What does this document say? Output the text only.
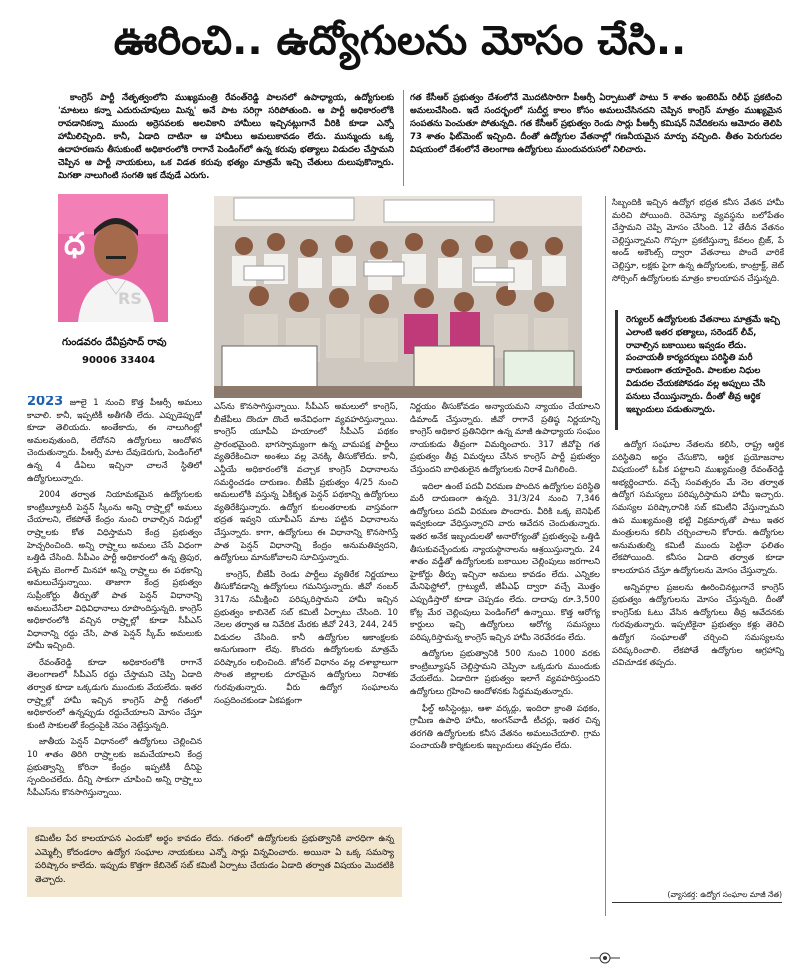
ఊరించి.. ఉద్యోగులను మోసం చేసి..

కాంగ్రెస్ పార్టీ నేతృత్వంలోని ముఖ్యమంత్రి రేవంత్‌రెడ్డి పాలనలో ఉపాధ్యాయ, ఉద్యోగులకు 'మాటలు కన్నా ఎదురుచూపులు మిన్న' అనే పాట సరిగ్గా సరిపోతుంది. ఆ పార్టీ అధికారంలోకి రావడానికన్నా ముందు అర్రెసవలకు అలవికాని హామీలు ఇచ్చినట్లుగానే వీరికి కూడా ఎన్నో హామీలిచ్చింది. కానీ, ఏడాది దాటినా ఆ హామీలు అమలుకావడం లేదు. మున్ముందు ఒక్క ఉదాహరణను తీసుకుంటే అధికారంలోకి రాగానే పెండింగ్‌లో ఉన్న కరువు భత్యాలు విడుదల చేస్తామని చెప్పిన ఆ పార్టీ నాయకులు, ఒక విడత కరువు భత్యం మాత్రమే ఇచ్చి చేతులు దులుపుకొన్నారు. మిగతా నాలుగింటి సంగతి ఇక దేవుడే ఎరుగు.

గత కేసీఆర్ ప్రభుత్వం దేశంలోనే మొదటిసారిగా పీఆర్సీ ఏర్పాటుతో పాటు 5 శాతం ఇంటెరిమ్ రిలీఫ్ ప్రకటించి అమలుచేసింది. ఇదే సందర్భంలో సుదీర్ఘ కాలం కోసం అమలుచేసినదని చెప్పిన కాంగ్రెస్ మాత్రం ముఖ్యమైన సంపతను పెంచుతూ పోతున్నది. గత కేసీఆర్ ప్రభుత్వం రెండు సార్లు పీఆర్సీ కమిషన్ నివేదికలను ఆమోదం తెలిపి 73 శాతం ఫిట్‌మెంట్ ఇచ్చింది. దీంతో ఉద్యోగుల వేతనాల్లో గణనీయమైన మార్పు వచ్చింది. తీతం పెరుగుదల విషయంలో దేశంలోనే తెలంగాణ ఉద్యోగులు ముందువరుసలో నిలిచారు.

ధ
RS
గుండవరం దేవీప్రసాద్ రావు
90006 33404

2023 జూలై 1 నుంచి కొత్త పీఆర్సీ అమలు కావాలి. కానీ, ఇప్పటికీ అతీగతీ లేదు. ఎప్పుడెప్పుడో కూడా తెలియదు. అంతేకాదు, ఈ నాలుగింట్లో అమలవుతుంది, లేదోనని ఉద్యోగులు ఆందోళన చెందుతున్నారు. పీఆర్సీ మాట దేవుడెరుగు, పెండింగ్‌లో ఉన్న 4 డీఏలు ఇచ్చినా చాలనే స్థితిలో ఉద్యోగులున్నారు.

2004 తర్వాత నియామకమైన ఉద్యోగులకు కాంట్రిబ్యూటరీ పెన్షన్ స్కీంను అన్ని రాష్ర్టాల్లో అమలు చేయాలని, లేకపోతే కేంద్రం నుంచి రావాల్సిన నిధుల్లో రాష్ర్టాలకు కోత విధిస్తామని కేంద్ర ప్రభుత్వం హెచ్చరించింది. అన్ని రాష్ర్టాలు అమలు చేసే విధంగా ఒత్తిడి చేసింది. సీపీఎం పార్టీ అధికారంలో ఉన్న త్రిపుర, పశ్చిమ బెంగాల్ మినహా అన్ని రాష్ర్టాలు ఈ పథకాన్ని అమలుచేస్తున్నాయి. తాజాగా కేంద్ర ప్రభుత్వం సుప్రీంకోర్టు తీర్పుతో పాత పెన్షన్ విధానాన్ని అమలుచేసేలా విధివిధానాలు రూపొందిస్తున్నది. కాంగ్రెస్ అధికారంలోకి వచ్చిన రాష్ర్టాల్లో కూడా సీపీఎస్ విధానాన్ని రద్దు చేసి, పాత పెన్షన్ స్కీమ్ అమలుకు హామీ ఇచ్చింది.

రేవంత్‌రెడ్డి కూడా అధికారంలోకి రాగానే తెలంగాణలో సీపీఎస్ రద్దు చేస్తామని చెప్పి ఏడాది తర్వాత కూడా ఒక్కడుగు ముందుకు వేయలేదు. ఇతర రాష్ర్టాల్లో హామీ ఇచ్చిన కాంగ్రెస్ పార్టీ గతంలో అధికారంలో ఉన్నప్పుడు రద్దుచేయాలని మోసం చేస్తూ కుంటి సాకులతో కేంద్రంపైకి నెపం నెట్టేస్తున్నది.

జాతీయ పెన్షన్ విధానంలో ఉద్యోగులు చెల్లించిన 10 శాతం తిరిగి రాష్ర్టాలకు జమచేయాలని కేంద్ర ప్రభుత్వాన్ని కోరినా కేంద్రం ఇప్పటికీ దీనిపై స్పందించలేదు. దీన్ని సాకుగా చూపించి అన్ని రాష్ర్టాలు సీపీఎస్‌ను కొనసాగిస్తున్నాయి.

ఎస్‌ను కొనసాగిస్తున్నాయి. సీపీఎస్ అమలులో కాంగ్రెస్, బీజేపీలు దొందూ దొందే అనేవిధంగా వ్యవహరిస్తున్నాయి. కాంగ్రెస్ యూపీఏ హయాంలో సీపీఎస్ పథకం ప్రారంభమైంది. భాగస్వామ్యంగా ఉన్న వామపక్ష పార్టీలు వ్యతిరేకించినా అంశలు వల్ల వెనక్కి తీసుకోలేదు. కానీ, ఎన్డీయే అధికారంలోకి వచ్చాక కాంగ్రెస్ విధానాలను సమర్థించడం దారుణం. బీజేపీ ప్రభుత్వం 4/25 నుంచి అమలులోకి వస్తున్న ఏకీకృత పెన్షన్ పథకాన్ని ఉద్యోగులు వ్యతిరేకిస్తున్నారు. ఉద్యోగ కులంతరాలకు వాస్తవంగా భద్రత ఇవ్వని యూపీఎస్‌ మాట పట్టిన విధానాలను చేస్తున్నారు. కాగా, ఉద్యోగులు ఈ విధానాన్ని కొనసాగిస్తే పాత పెన్షన్ విధానాన్ని కేంద్రం అనుమతివ్వదని, ఉద్యోగులు మానుకోవాలని సూచిస్తున్నారు.

కాంగ్రెస్, బీజేపీ రెండు పార్టీలు వ్యతిరేక నిర్ణయాలు తీసుకోవడాన్ని ఉద్యోగులు గమనిస్తున్నారు. జీవో నంబర్ 317ను సమీక్షించి పరిష్కరిస్తామని హామీ ఇచ్చిన ప్రభుత్వం కాబినెట్ సబ్ కమిటీ ఏర్పాటు చేసింది. 10 నెలల తర్వాత ఆ నివేదిక మేరకు జీవో 243, 244, 245 విడుదల చేసింది. కానీ ఉద్యోగుల ఆకాంక్షలకు అనుగుణంగా లేవు. కొందరు ఉద్యోగులకు మాత్రమే పరిష్కారం లభించింది. జోనల్ విధానం వల్ల దశాబ్దాలుగా సొంత జిల్లాలకు దూరమైన ఉద్యోగులు నిరాశకు గురవుతున్నారు. వీరు ఉద్యోగ సంఘాలను సంప్రదించకుండా ఏకపక్షంగా

నిర్ణయం తీసుకోవడం అన్యాయమని న్యాయం చేయాలని డిమాండ్ చేస్తున్నారు. జీవో రాగానే ప్రతిష్ఠ నిర్ణయాన్ని కాంగ్రెస్ అధికార ప్రతినిధిగా ఉన్న మాజీ ఉపాధ్యాయ సంఘం నాయకుడు తీవ్రంగా విమర్శించారు. 317 జీవోపై గత ప్రభుత్వం తీవ్ర విమర్శలు చేసిన కాంగ్రెస్ పార్టీ ప్రభుత్వం చేస్తుందని బాధితులైన ఉద్యోగులకు నిరాశే మిగిలింది.

ఇదిలా ఉంటే పదవీ విరమణ పొందిన ఉద్యోగుల పరిస్థితి మరీ దారుణంగా ఉన్నది. 31/3/24 నుంచి 7,346 ఉద్యోగులు పదవీ విరమణ పొందారు. వీరికి ఒక్క బెనిఫిట్ ఇవ్వకుండా వేధిస్తున్నారని వారు ఆవేదన చెందుతున్నారు. ఇతర అనేక ఇబ్బందులతో అనారోగ్యంతో ప్రభుత్వంపై ఒత్తిడి తీసుకువచ్చేందుకు న్యాయస్థానాలను ఆశ్రయిస్తున్నారు. 24 శాతం వడ్డీతో ఉద్యోగులకు బకాయిల చెల్లింపులు జరగాలని హైకోర్టు తీర్పు ఇచ్చినా అమలు కావడం లేదు. ఎన్నికల మేనిఫెస్టోలో, గ్రాట్యుటీ, జీపీఎఫ్ ద్వారా వచ్చే మొత్తం ఎప్పుడిస్తారో కూడా చెప్పడం లేదు. దాదాపు రూ.3,500 కోట్ల మేర చెల్లింపులు పెండింగ్‌లో ఉన్నాయి. కొత్త ఆరోగ్య కార్డులు ఇచ్చి ఉద్యోగులు ఆరోగ్య సమస్యలు పరిష్కరిస్తామన్న కాంగ్రెస్ ఇచ్చిన హామీ నెరవేరడం లేదు.

ఉద్యోగుల ప్రభుత్వానికి 500 నుంచి 1000 వరకు కాంట్రిబ్యూషన్ చెల్లిస్తామని చెప్పినా ఒక్కడుగు ముందుకు వేయలేదు. ఏడాదిగా ప్రభుత్వం ఇలాగే వ్యవహరిస్తుందని ఉద్యోగులు గ్రహించి ఆందోళనకు సిద్ధమవుతున్నారు.

ఫీల్డ్ అసిస్టెంట్లు, ఆశా వర్కర్లు, ఇందిరా క్రాంతి పథకం, గ్రామీణ ఉపాధి హామీ, అంగన్‌వాడీ టీచర్లు, ఇతర చిన్న తరగతి ఉద్యోగులకు కనీస వేతనం అమలుచేయాలి. గ్రామ పంచాయతీ కార్మికులకు ఇబ్బందులు తప్పడం లేదు.

సిబ్బందికి ఇచ్చిన ఉద్యోగ భద్రత కనీస వేతన హామీ మరిచి పోయింది. రెవెన్యూ వ్యవస్థను బలోపేతం చేస్తామని చెప్పి మోసం చేసింది. 12 తేదీన వేతనం చెల్లిస్తున్నామని గొప్పగా ప్రకటిస్తున్నా కేవలం బ్రిజ్, పే అండ్ అకౌంట్స్ ద్వారా వేతనాలు పొందే వారికే చెల్లిస్తూ, లక్షకు పైగా ఉన్న ఉద్యోగులకు, కాంట్రాక్ట్, జెట్ సోర్సింగ్ ఉద్యోగులకు మాత్రం కాలయాపన చేస్తున్నది.

రెగ్యులర్ ఉద్యోగులకు వేతనాలు మాత్రమే ఇచ్చి ఎలాంటి ఇతర భత్యాలు, సరెండర్ లీవ్, రావాల్సిన బకాయిలు ఇవ్వడం లేదు. పంచాయతీ కార్యదర్శులు పరిస్థితి మరీ దారుణంగా తయారైంది. పాలకుల నిధుల విడుదల చేయకపోవడం వల్ల అప్పులు చేసి పనులు చేయిస్తున్నారు. దీంతో తీవ్ర ఆర్థిక ఇబ్బందులు పడుతున్నారు.

ఉద్యోగ సంఘాల నేతలను కలిసి, రాష్ట్ర ఆర్థిక పరిస్థితిని అర్థం చేసుకొని, ఆర్థిక ప్రయోజనాల విషయంలో ఓపిక పట్టాలని ముఖ్యమంత్రి రేవంత్‌రెడ్డి అభ్యర్థించారు. వచ్చే సంవత్సరం మే నెల తర్వాత ఉద్యోగ సమస్యలు పరిష్కరిస్తామని హామీ ఇచ్చారు. సమస్యల పరిష్కారానికి సబ్ కమిటీని వేస్తున్నామని ఉప ముఖ్యమంత్రి భట్టి విక్రమార్కతో పాటు ఇతర మంత్రులను కలిసి చర్చించాలని కోరారు. ఉద్యోగుల అనుమతుల్ని కమిటీ ముందు పెట్టినా ఫలితం లేకపోయింది. కనీసం ఏడాది తర్వాత కూడా కాలయాపన చేస్తూ ఉద్యోగులను మోసం చేస్తున్నారు.

అన్నివర్గాల ప్రజలను ఊరించినట్లుగానే కాంగ్రెస్ ప్రభుత్వం ఉద్యోగులను మోసం చేస్తున్నది. దీంతో కాంగ్రెస్‌కు ఓటు వేసిన ఉద్యోగులు తీవ్ర ఆవేదనకు గురవుతున్నారు. ఇప్పటికైనా ప్రభుత్వం కళ్లు తెరిచి ఉద్యోగ సంఘాలతో చర్చించి సమస్యలను పరిష్కరించాలి. లేకపోతే ఉద్యోగుల ఆగ్రహాన్ని చవిచూడక తప్పదు.

కమిటీల పేర కాలయాపన ఎందుకో అర్థం కావడం లేదు. గతంలో ఉద్యోగులకు ప్రభుత్వానికి వారధిగా ఉన్న ఎమ్మెల్సీ కోదండరాం ఉద్యోగ సంఘాల నాయకులు ఎన్నో సార్లు విన్నవించారు. అయినా ఏ ఒక్క సమస్యా పరిష్కారం కాలేదు. ఇప్పుడు కొత్తగా కేబినెట్ సబ్ కమిటీ ఏర్పాటు చేయడం ఏడాది తర్వాత విషయం మొదటికి తెచ్చారు.
(వ్యాసకర్త: ఉద్యోగ సంఘాల మాజీ నేత)
